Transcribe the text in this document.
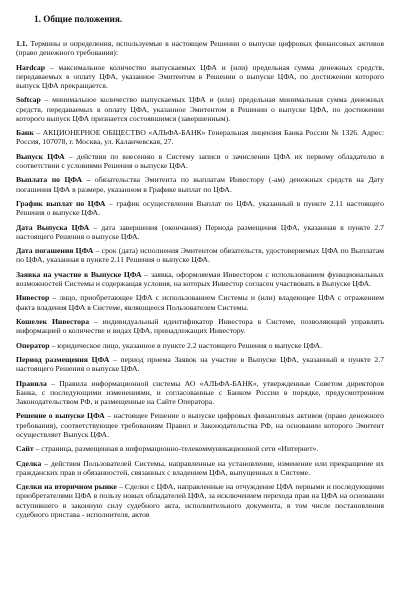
1. Общие положения.

1.1. Термины и определения, используемые в настоящем Решении о выпуске цифровых финансовых активов (право денежного требования):

Hardcap – максимальное количество выпускаемых ЦФА и (или) предельная сумма денежных средств, передаваемых в оплату ЦФА, указанное Эмитентом в Решении о выпуске ЦФА, по достижении которого выпуск ЦФА прекращается.

Softcap – минимальное количество выпускаемых ЦФА и (или) предельная минимальная сумма денежных средств, передаваемых в оплату ЦФА, указанное Эмитентом в Решении о выпуске ЦФА, по достижении которого выпуск ЦФА признается состоявшимся (завершенным).

Банк – АКЦИОНЕРНОЕ ОБЩЕСТВО «АЛЬФА-БАНК» Генеральная лицензия Банка России № 1326. Адрес: Россия, 107078, г. Москва, ул. Каланчевская, 27.

Выпуск ЦФА – действия по внесению в Систему записи о зачислении ЦФА их первому обладателю в соответствии с условиями Решения о выпуске ЦФА.

Выплата по ЦФА – обязательства Эмитента по выплатам Инвестору (-ам) денежных средств на Дату погашения ЦФА в размере, указанном в Графике выплат по ЦФА.

График выплат по ЦФА – график осуществления Выплат по ЦФА, указанный в пункте 2.11 настоящего Решения о выпуске ЦФА.

Дата Выпуска ЦФА – дата завершения (окончания) Периода размещения ЦФА, указанная в пункте 2.7 настоящего Решения о выпуске ЦФА.

Дата погашения ЦФА – срок (дата) исполнения Эмитентом обязательств, удостоверяемых ЦФА по Выплатам по ЦФА, указанная в пункте 2.11 Решения о выпуске ЦФА.

Заявка на участие в Выпуске ЦФА – заявка, оформляемая Инвестором с использованием функциональных возможностей Системы и содержащая условия, на которых Инвестор согласен участвовать в Выпуске ЦФА.

Инвестор – лицо, приобретающее ЦФА с использованием Системы и (или) владеющее ЦФА с отражением факта владения ЦФА в Системе, являющееся Пользователем Системы.

Кошелек Инвестора – индивидуальный идентификатор Инвестора в Системе, позволяющий управлять информацией о количестве и видах ЦФА, принадлежащих Инвестору.

Оператор – юридическое лицо, указанное в пункте 2.2 настоящего Решения о выпуске ЦФА.

Период размещения ЦФА – период приема Заявок на участие в Выпуске ЦФА, указанный в пункте 2.7 настоящего Решения о выпуске ЦФА.

Правила – Правила информационной системы АО «АЛЬФА-БАНК», утвержденные Советом директоров Банка, с последующими изменениями, и согласованные с Банком России в порядке, предусмотренном Законодательством РФ, и размещенные на Сайте Оператора.

Решение о выпуске ЦФА – настоящее Решение о выпуске цифровых финансовых активов (право денежного требования), соответствующее требованиям Правил и Законодательства РФ, на основании которого Эмитент осуществляет Выпуск ЦФА.

Сайт – страница, размещенная в информационно-телекоммуникационной сети «Интернет».

Сделка – действия Пользователей Системы, направленные на установление, изменение или прекращение их гражданских прав и обязанностей, связанных с владением ЦФА, выпущенных в Системе.

Сделки на вторичном рынке – Сделки с ЦФА, направленные на отчуждение ЦФА первыми и последующими приобретателями ЦФА в пользу новых обладателей ЦФА, за исключением перехода прав на ЦФА на основании вступившего в законную силу судебного акта, исполнительного документа, в том числе постановления судебного пристава - исполнителя, актов
